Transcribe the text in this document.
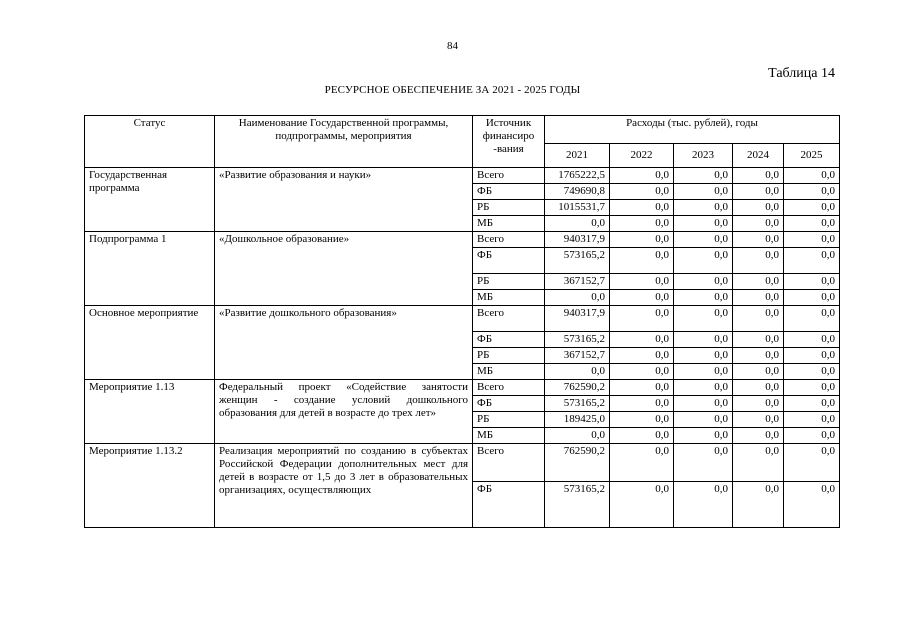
84
Таблица 14
РЕСУРСНОЕ ОБЕСПЕЧЕНИЕ ЗА 2021 - 2025 ГОДЫ
Статус	Наименование Государственной программы, подпрограммы, мероприятия	Источник финансиро -вания	Расходы (тыс. рублей), годы				
			2021	2022	2023	2024	2025
Государственная программа	«Развитие образования и науки»	Всего	1765222,5	0,0	0,0	0,0	0,0
		ФБ	749690,8	0,0	0,0	0,0	0,0
		РБ	1015531,7	0,0	0,0	0,0	0,0
		МБ	0,0	0,0	0,0	0,0	0,0
Подпрограмма 1	«Дошкольное образование»	Всего	940317,9	0,0	0,0	0,0	0,0
		ФБ	573165,2	0,0	0,0	0,0	0,0
		РБ	367152,7	0,0	0,0	0,0	0,0
		МБ	0,0	0,0	0,0	0,0	0,0
Основное мероприятие	«Развитие дошкольного образования»	Всего	940317,9	0,0	0,0	0,0	0,0
		ФБ	573165,2	0,0	0,0	0,0	0,0
		РБ	367152,7	0,0	0,0	0,0	0,0
		МБ	0,0	0,0	0,0	0,0	0,0
Мероприятие 1.13	Федеральный проект «Содействие занятости женщин - создание условий дошкольного образования для детей в возрасте до трех лет»	Всего	762590,2	0,0	0,0	0,0	0,0
		ФБ	573165,2	0,0	0,0	0,0	0,0
		РБ	189425,0	0,0	0,0	0,0	0,0
		МБ	0,0	0,0	0,0	0,0	0,0
Мероприятие 1.13.2	Реализация мероприятий по созданию в субъектах Российской Федерации дополнительных мест для детей в возрасте от 1,5 до 3 лет в образовательных организациях, осуществляющих	Всего	762590,2	0,0	0,0	0,0	0,0
		ФБ	573165,2	0,0	0,0	0,0	0,0
